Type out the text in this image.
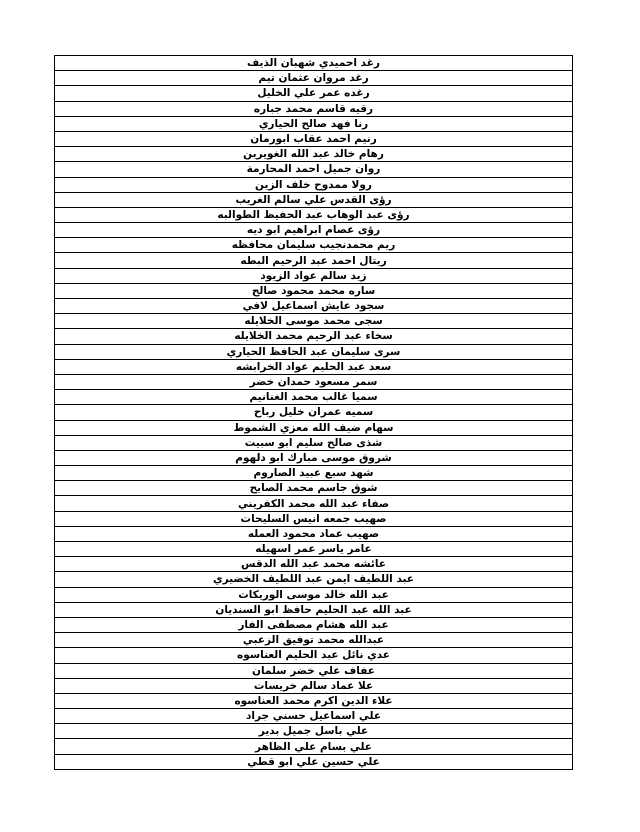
رغد احميدي شهبان الذيف
رغد مروان عثمان تيم
رغده عمر علي الخليل
رقيه قاسم محمد جباره
رنا فهد صالح الحياري
رنيم احمد عقاب ابورمان
رهام خالد عبد الله الغويرين
روان جميل احمد المحارمة
رولا ممدوح خلف الزين
رؤى القدس علي سالم الغريب
رؤى عبد الوهاب عبد الحفيظ الطوالبه
رؤى عصام ابراهيم ابو ديه
ريم محمدنجيب سليمان محافظه
ريتال احمد عبد الرحيم البطه
زيد سالم عواد الزيود
ساره محمد محمود صالح
سجود عايش اسماعيل لافي
سجى محمد موسى الخلايله
سخاء عبد الرحيم محمد الخلايله
سرى سليمان عبد الحافظ الحياري
سعد عبد الحليم عواد الخرابشه
سمر مسعود حمدان خضر
سميا غالب محمد الغنانيم
سميه عمران خليل رباح
سهام ضيف الله معزي الشموط
شذى صالح سليم ابو سبيت
شروق موسى مبارك ابو دلهوم
شهد سبع عبيد الصاروم
شوق جاسم محمد الصايح
صفاء عبد الله محمد الكفريني
صهيب جمعه انيس السليحات
صهيب عماد محمود العمله
عامر ياسر عمر اسهيله
عائشه محمد عبد الله الدقس
عبد اللطيف ايمن عبد اللطيف الخضيري
عبد الله خالد موسى الوريكات
عبد الله عبد الحليم حافظ ابو السنديان
عبد الله هشام مصطفى الفار
عبدالله محمد توفيق الزعبي
عدي نائل عبد الحليم العناسوه
عفاف علي خضر سلمان
علا عماد سالم خريسات
علاء الدين اكرم محمد العناسوه
علي اسماعيل حسني جراد
علي باسل جميل بدير
علي بسام علي الظاهر
علي حسين علي ابو قطي
